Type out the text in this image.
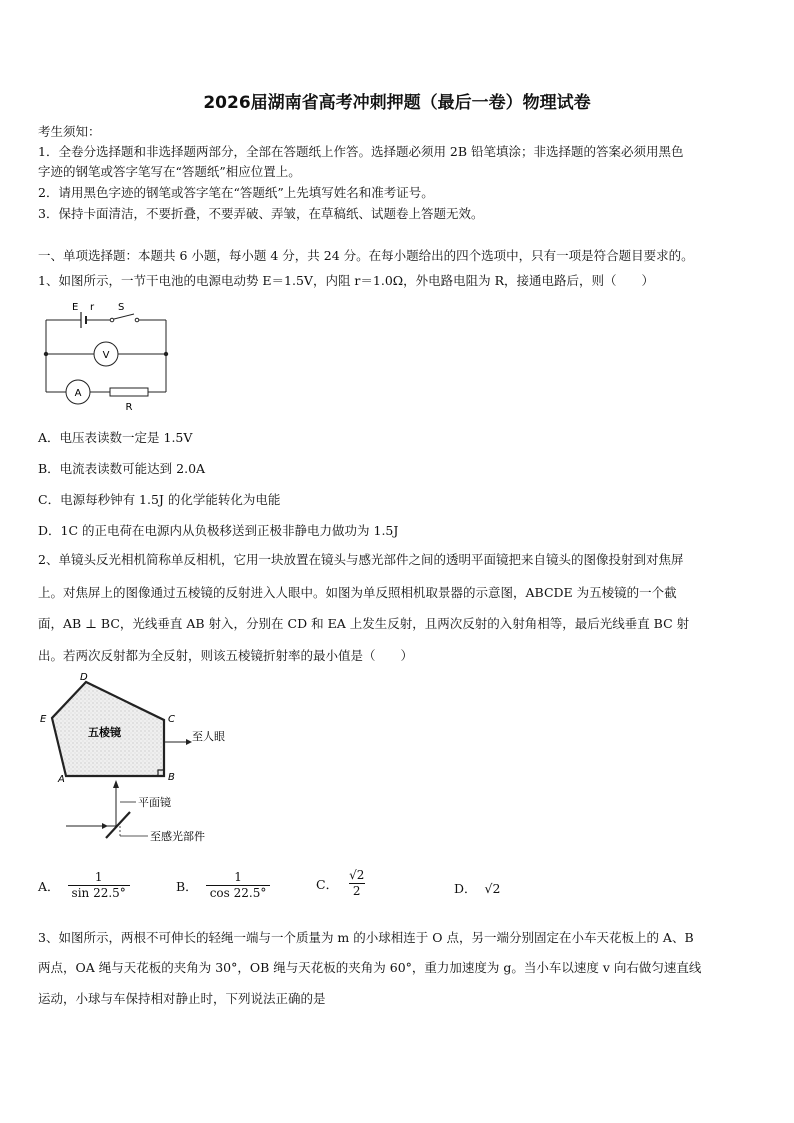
2026届湖南省高考冲刺押题（最后一卷）物理试卷
考生须知：
1．全卷分选择题和非选择题两部分，全部在答题纸上作答。选择题必须用 2B 铅笔填涂；非选择题的答案必须用黑色
字迹的钢笔或答字笔写在“答题纸”相应位置上。
2．请用黑色字迹的钢笔或答字笔在“答题纸”上先填写姓名和准考证号。
3．保持卡面清洁，不要折叠，不要弄破、弄皱，在草稿纸、试题卷上答题无效。
一、单项选择题：本题共 6 小题，每小题 4 分，共 24 分。在每小题给出的四个选项中，只有一项是符合题目要求的。
1、如图所示，一节干电池的电源电动势 E＝1.5V，内阻 r＝1.0Ω，外电路电阻为 R，接通电路后，则（　　）
E r S
V
A
R
A．电压表读数一定是 1.5V
B．电流表读数可能达到 2.0A
C．电源每秒钟有 1.5J 的化学能转化为电能
D．1C 的正电荷在电源内从负极移送到正极非静电力做功为 1.5J
2、单镜头反光相机简称单反相机，它用一块放置在镜头与感光部件之间的透明平面镜把来自镜头的图像投射到对焦屏
上。对焦屏上的图像通过五棱镜的反射进入人眼中。如图为单反照相机取景器的示意图，ABCDE 为五棱镜的一个截
面，AB ⊥ BC，光线垂直 AB 射入，分别在 CD 和 EA 上发生反射，且两次反射的入射角相等，最后光线垂直 BC 射
出。若两次反射都为全反射，则该五棱镜折射率的最小值是（　　）
A	B
C
D
E
五棱镜	至人眼
平面镜
至感光部件
A． $\frac{1}{\sin 22.5^\circ}$	B． $\frac{1}{\cos 22.5^\circ}$	C． $\frac{√2}{2}$	D． √2
3、如图所示，两根不可伸长的轻绳一端与一个质量为 m 的小球相连于 O 点，另一端分别固定在小车天花板上的 A、B
两点，OA 绳与天花板的夹角为 30°，OB 绳与天花板的夹角为 60°，重力加速度为 g。当小车以速度 v 向右做匀速直线
运动，小球与车保持相对静止时，下列说法正确的是
